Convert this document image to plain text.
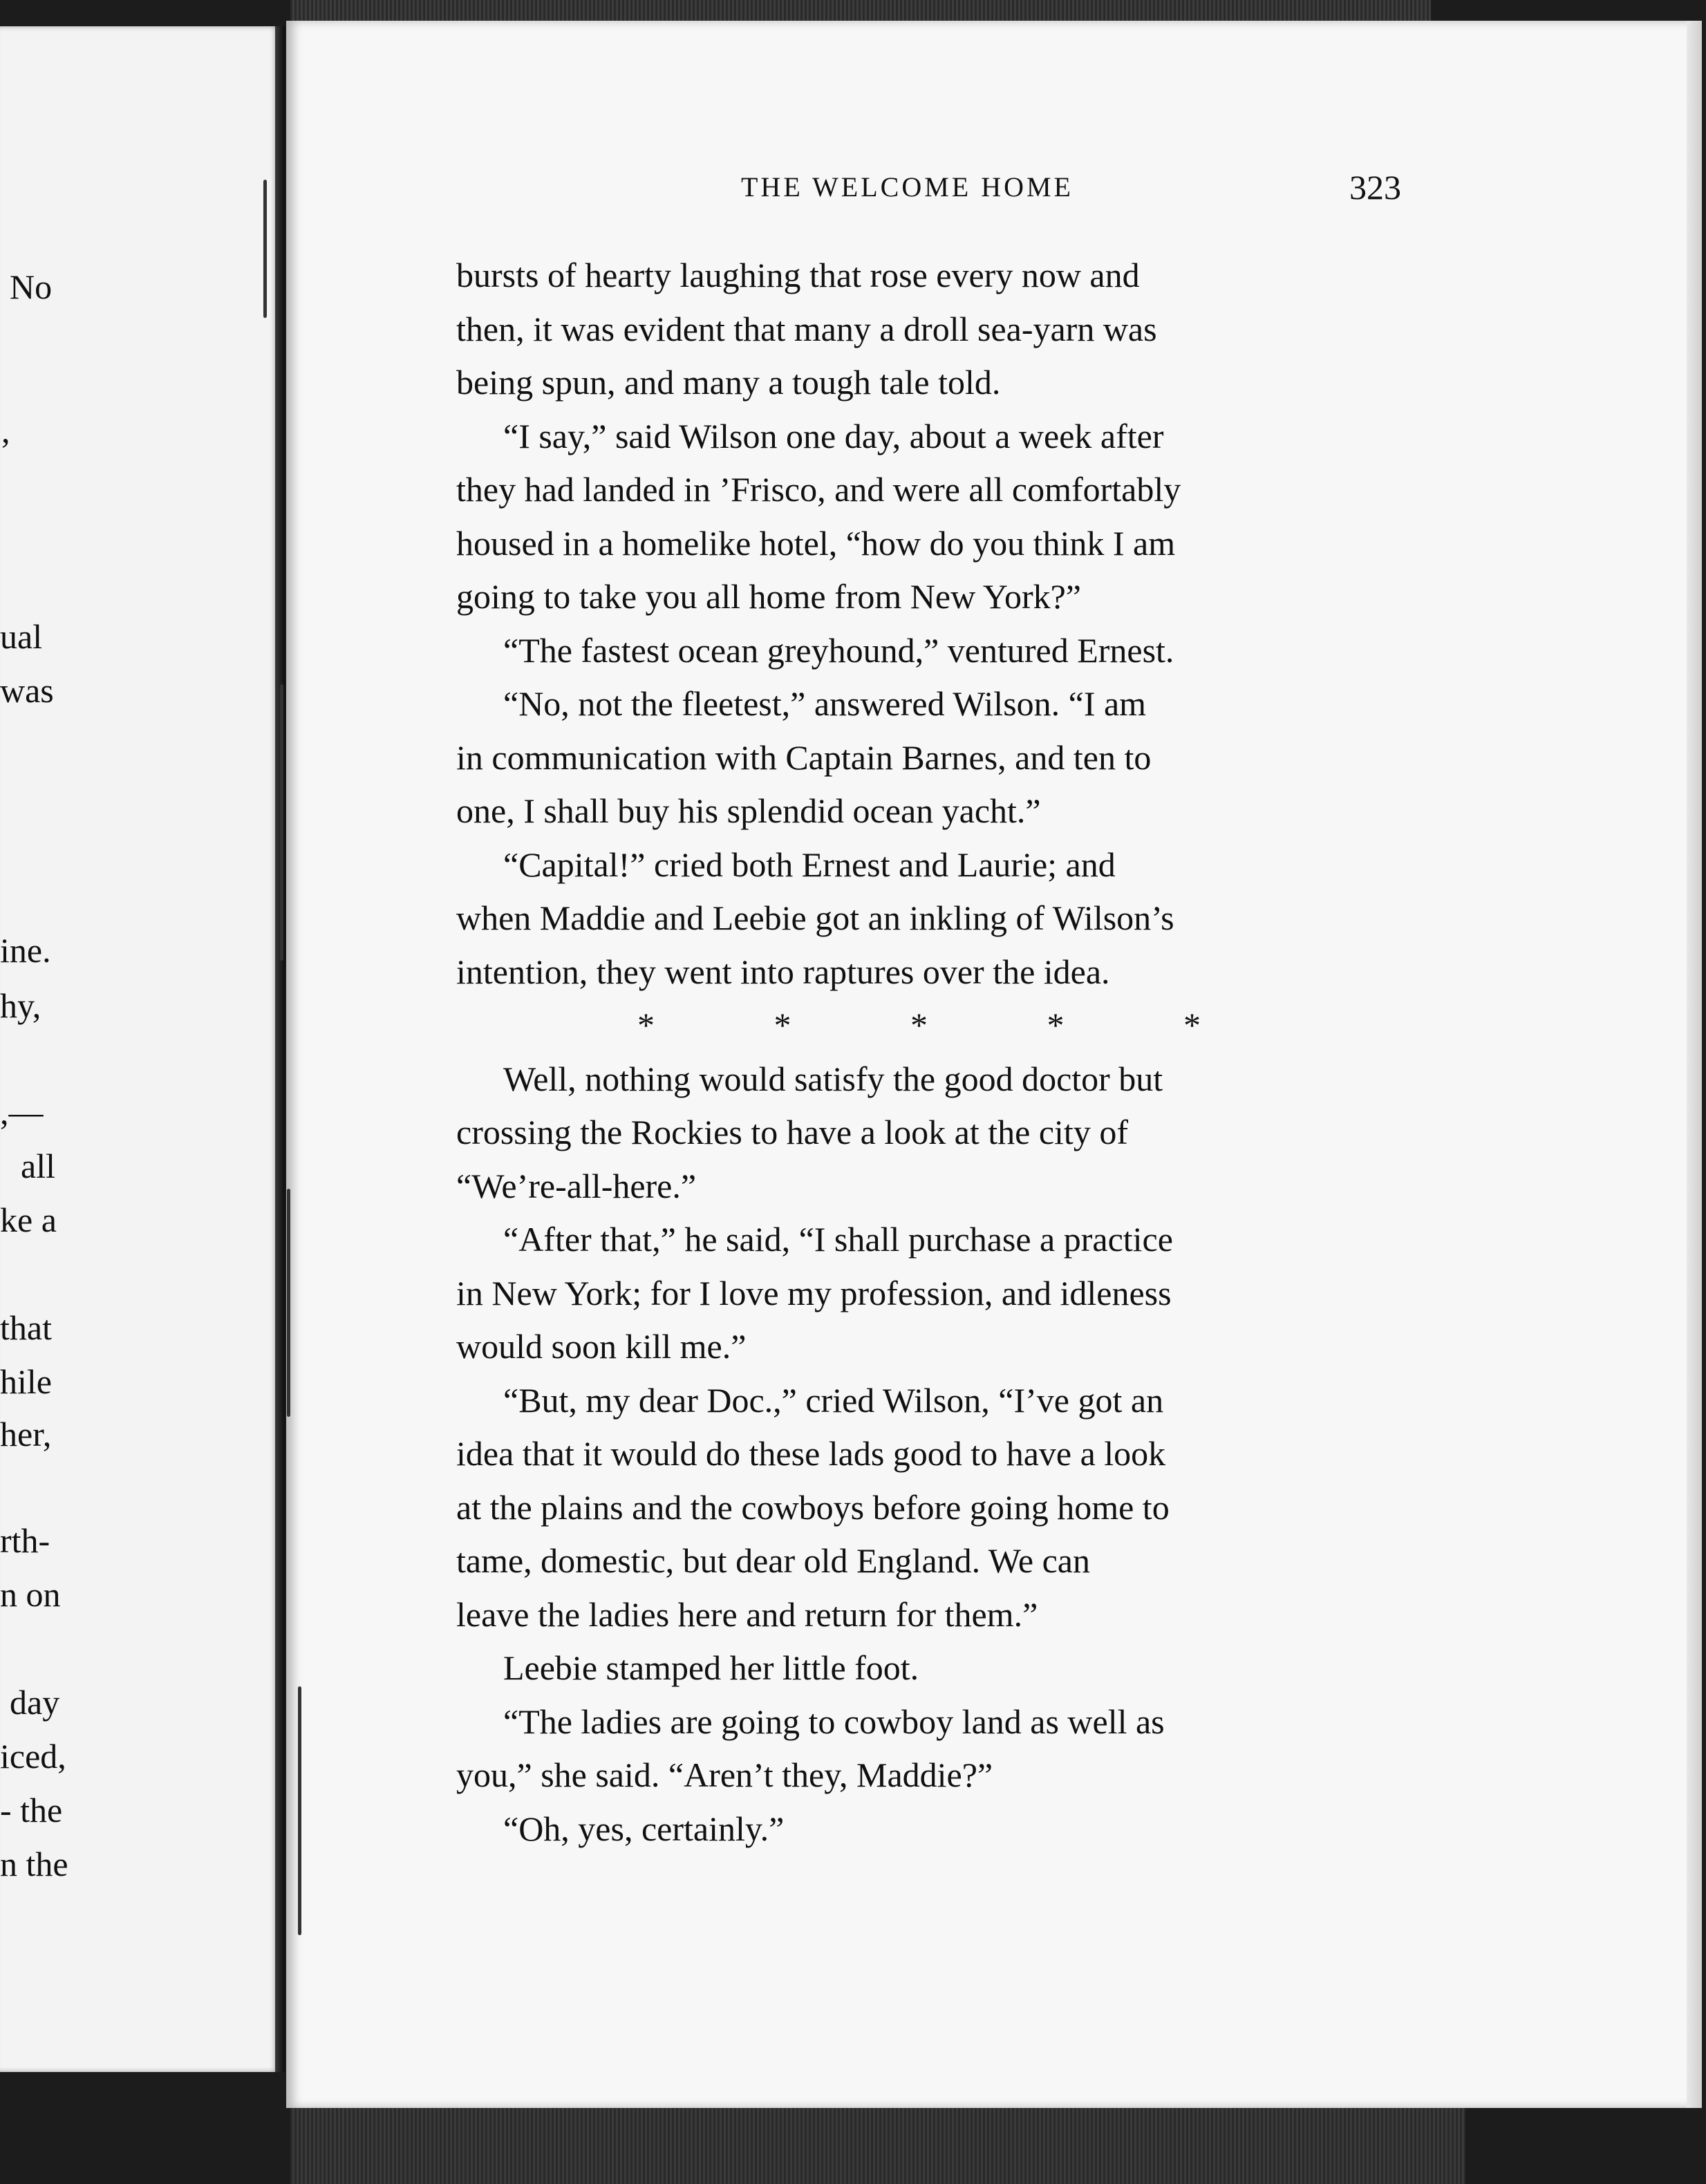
No
,
ual
was
ine.
hy,
,—
all
ke a
that
hile
her,
rth-
n on
day
iced,
- the
n the
THE WELCOME HOME	323

bursts of hearty laughing that rose every now and

then, it was evident that many a droll sea-yarn was

being spun, and many a tough tale told.

“I say,” said Wilson one day, about a week after

they had landed in ’Frisco, and were all comfortably

housed in a homelike hotel, “how do you think I am

going to take you all home from New York?”

“The fastest ocean greyhound,” ventured Ernest.

“No, not the fleetest,” answered Wilson. “I am

in communication with Captain Barnes, and ten to

one, I shall buy his splendid ocean yacht.”

“Capital!” cried both Ernest and Laurie; and

when Maddie and Leebie got an inkling of Wilson’s

intention, they went into raptures over the idea.

* * * * *

Well, nothing would satisfy the good doctor but

crossing the Rockies to have a look at the city of

“We’re-all-here.”

“After that,” he said, “I shall purchase a practice

in New York; for I love my profession, and idleness

would soon kill me.”

“But, my dear Doc.,” cried Wilson, “I’ve got an

idea that it would do these lads good to have a look

at the plains and the cowboys before going home to

tame, domestic, but dear old England. We can

leave the ladies here and return for them.”

Leebie stamped her little foot.

“The ladies are going to cowboy land as well as

you,” she said. “Aren’t they, Maddie?”

“Oh, yes, certainly.”
